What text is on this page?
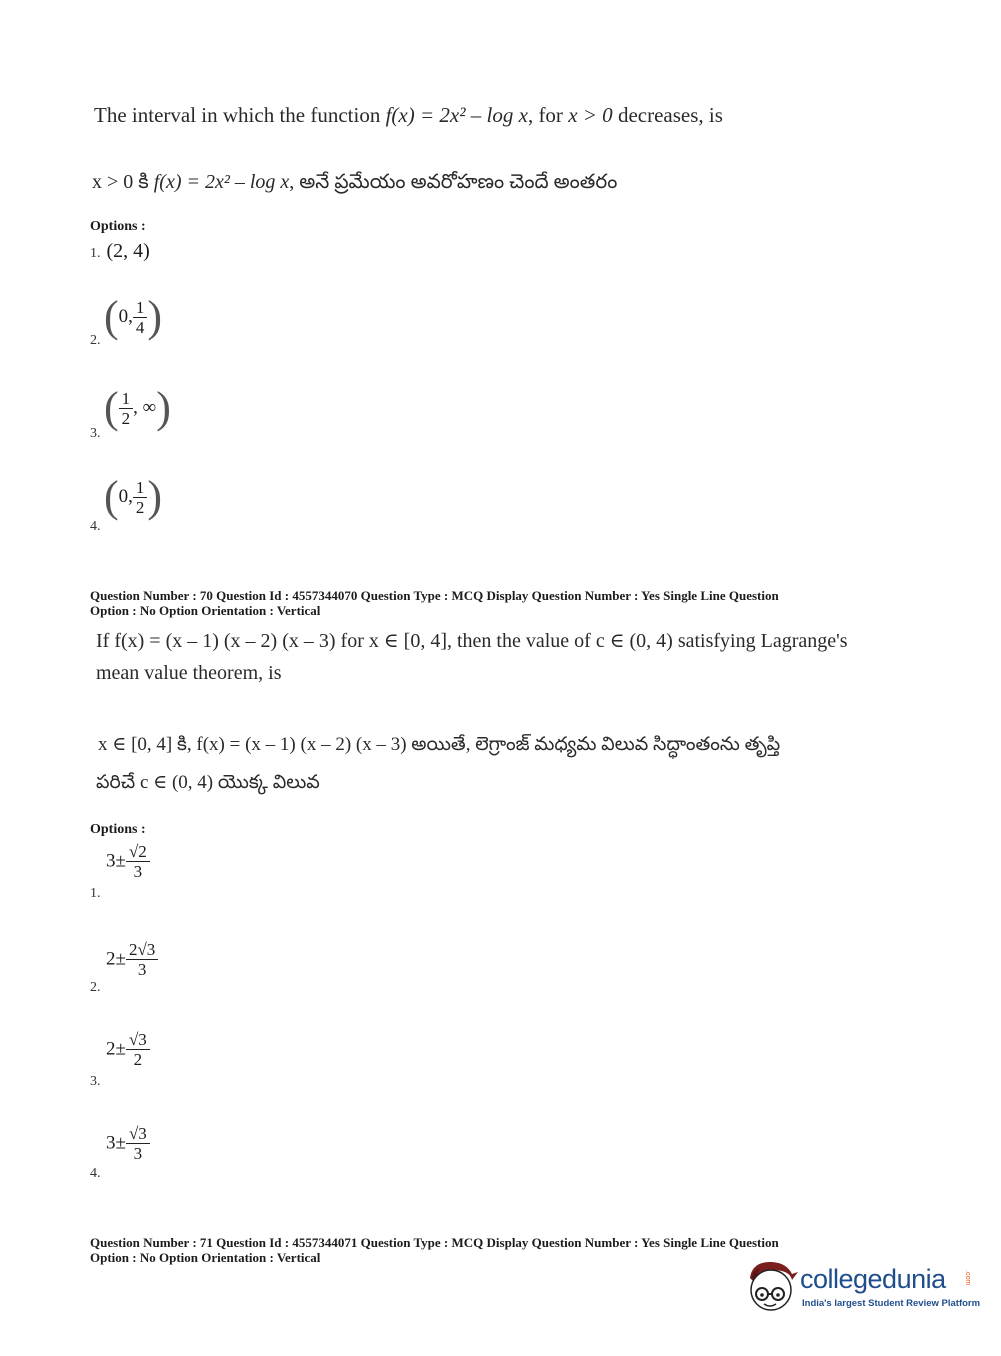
The interval in which the function f(x) = 2x² – log x, for x > 0 decreases, is
x > 0 కి f(x) = 2x² – log x, అనే ప్రమేయం అవరోహణం చెందే అంతరం
Options :
1. (2, 4)
2. (0, $\frac{1}{4}$ )
3.
( $\frac{1}{2}$ , ∞)
4.
(0, $\frac{1}{2}$ )
Question Number : 70 Question Id : 4557344070 Question Type : MCQ Display Question Number : Yes Single Line Question
Option : No Option Orientation : Vertical
If f(x) = (x – 1) (x – 2) (x – 3) for x ∈ [0, 4], then the value of c ∈ (0, 4) satisfying Lagrange's
mean value theorem, is
x ∈ [0, 4] కి, f(x) = (x – 1) (x – 2) (x – 3) అయితే, లెగ్రాంజ్ మధ్యమ విలువ సిద్ధాంతంను తృప్తి
పరిచే c ∈ (0, 4) యొక్క విలువ
Options :
1.
$3\pm \frac{√2}{3}$
2.
$2\pm \frac{2√3}{3}$
3.
$2\pm \frac{√3}{2}$
4.
$3\pm \frac{√3}{3}$
Question Number : 71 Question Id : 4557344071 Question Type : MCQ Display Question Number : Yes Single Line Question
Option : No Option Orientation : Vertical
collegedunia	.com
India's largest Student Review Platform
